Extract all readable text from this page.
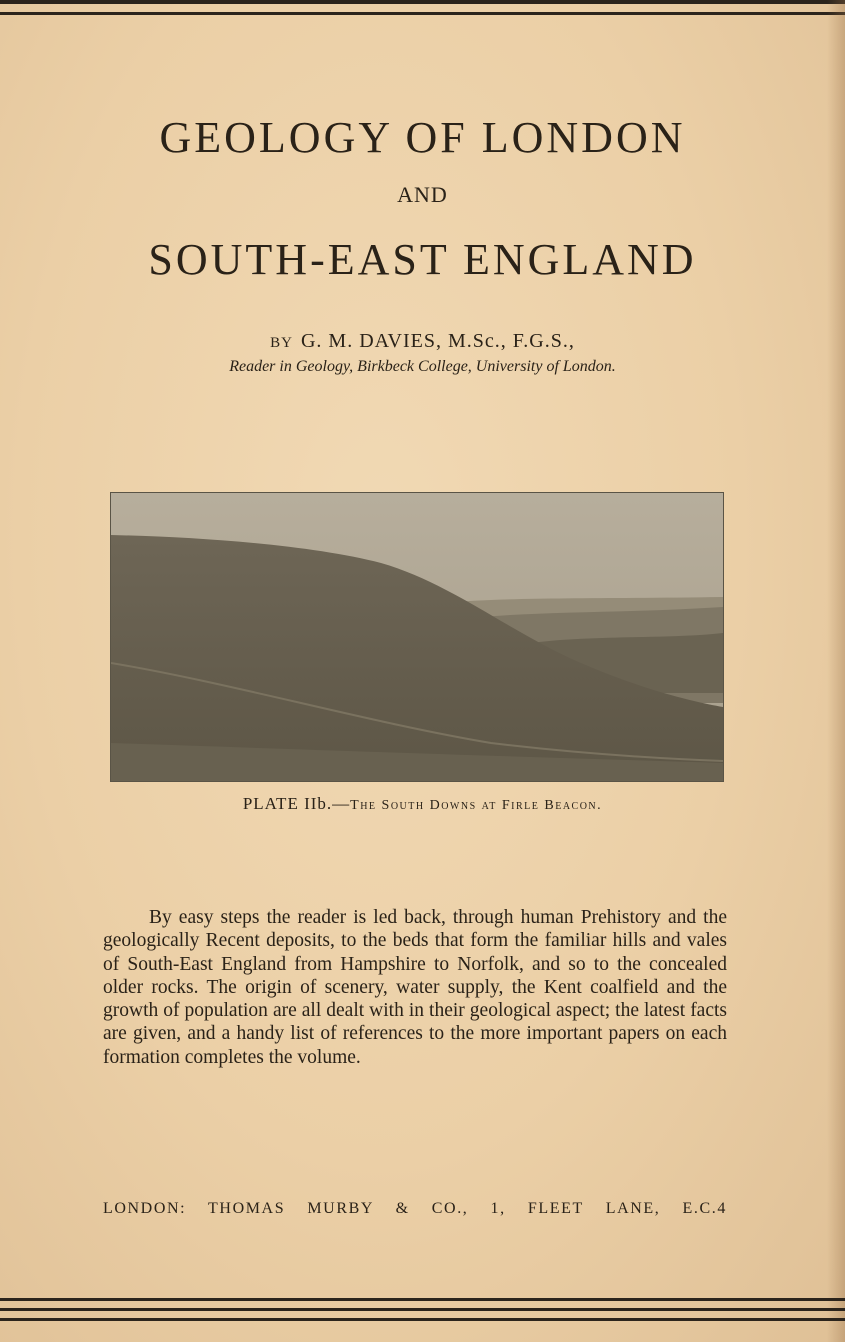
GEOLOGY OF LONDON
AND
SOUTH-EAST ENGLAND
BY G. M. DAVIES, M.Sc., F.G.S.,
Reader in Geology, Birkbeck College, University of London.
PLATE IIb.—The South Downs at Firle Beacon.
By easy steps the reader is led back, through human Prehistory and the geologically Recent deposits, to the beds that form the familiar hills and vales of South-East England from Hampshire to Norfolk, and so to the concealed older rocks. The origin of scenery, water supply, the Kent coalfield and the growth of population are all dealt with in their geological aspect; the latest facts are given, and a handy list of references to the more important papers on each formation completes the volume.
LONDON: THOMAS MURBY & CO., 1, FLEET LANE, E.C.4
